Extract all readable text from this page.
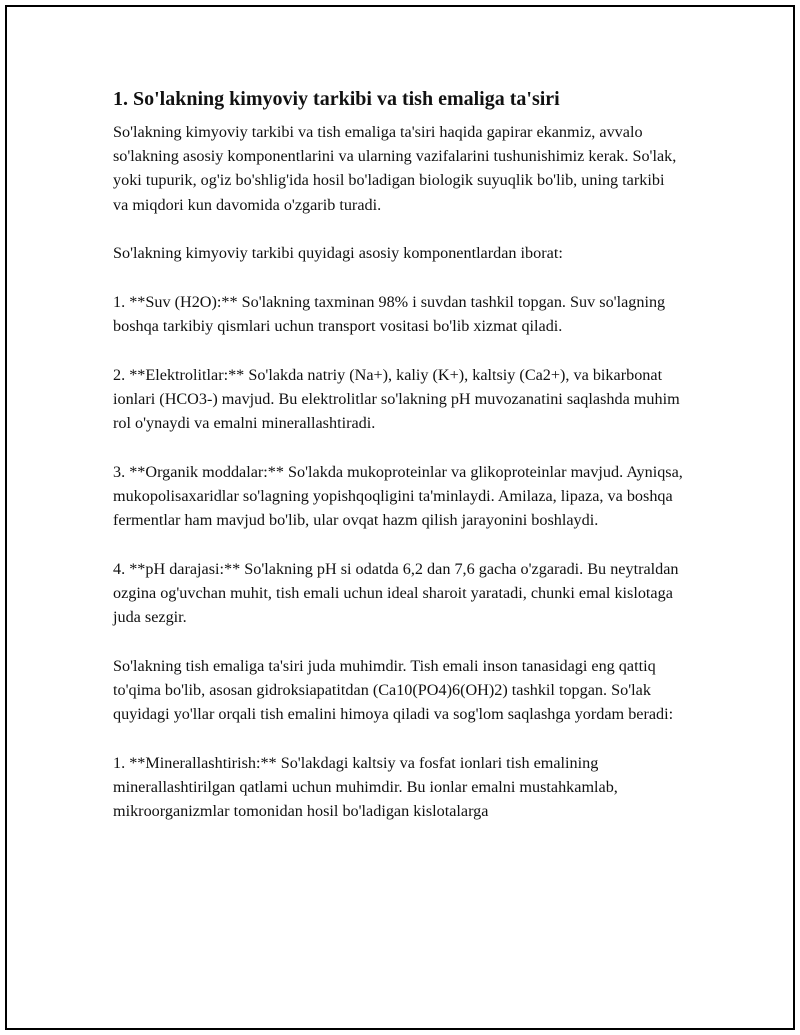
1. So'lakning kimyoviy tarkibi va tish emaliga ta'siri

So'lakning kimyoviy tarkibi va tish emaliga ta'siri haqida gapirar ekanmiz, avvalo so'lakning asosiy komponentlarini va ularning vazifalarini tushunishimiz kerak. So'lak, yoki tupurik, og'iz bo'shlig'ida hosil bo'ladigan biologik suyuqlik bo'lib, uning tarkibi va miqdori kun davomida o'zgarib turadi.

So'lakning kimyoviy tarkibi quyidagi asosiy komponentlardan iborat:

1. **Suv (H2O):** So'lakning taxminan 98% i suvdan tashkil topgan. Suv so'lagning boshqa tarkibiy qismlari uchun transport vositasi bo'lib xizmat qiladi.

2. **Elektrolitlar:** So'lakda natriy (Na+), kaliy (K+), kaltsiy (Ca2+), va bikarbonat ionlari (HCO3-) mavjud. Bu elektrolitlar so'lakning pH muvozanatini saqlashda muhim rol o'ynaydi va emalni minerallashtiradi.

3. **Organik moddalar:** So'lakda mukoproteinlar va glikoproteinlar mavjud. Ayniqsa, mukopolisaxaridlar so'lagning yopishqoqligini ta'minlaydi. Amilaza, lipaza, va boshqa fermentlar ham mavjud bo'lib, ular ovqat hazm qilish jarayonini boshlaydi.

4. **pH darajasi:** So'lakning pH si odatda 6,2 dan 7,6 gacha o'zgaradi. Bu neytraldan ozgina og'uvchan muhit, tish emali uchun ideal sharoit yaratadi, chunki emal kislotaga juda sezgir.

So'lakning tish emaliga ta'siri juda muhimdir. Tish emali inson tanasidagi eng qattiq to'qima bo'lib, asosan gidroksiapatitdan (Ca10(PO4)6(OH)2) tashkil topgan. So'lak quyidagi yo'llar orqali tish emalini himoya qiladi va sog'lom saqlashga yordam beradi:

1. **Minerallashtirish:** So'lakdagi kaltsiy va fosfat ionlari tish emalining minerallashtirilgan qatlami uchun muhimdir. Bu ionlar emalni mustahkamlab, mikroorganizmlar tomonidan hosil bo'ladigan kislotalarga
